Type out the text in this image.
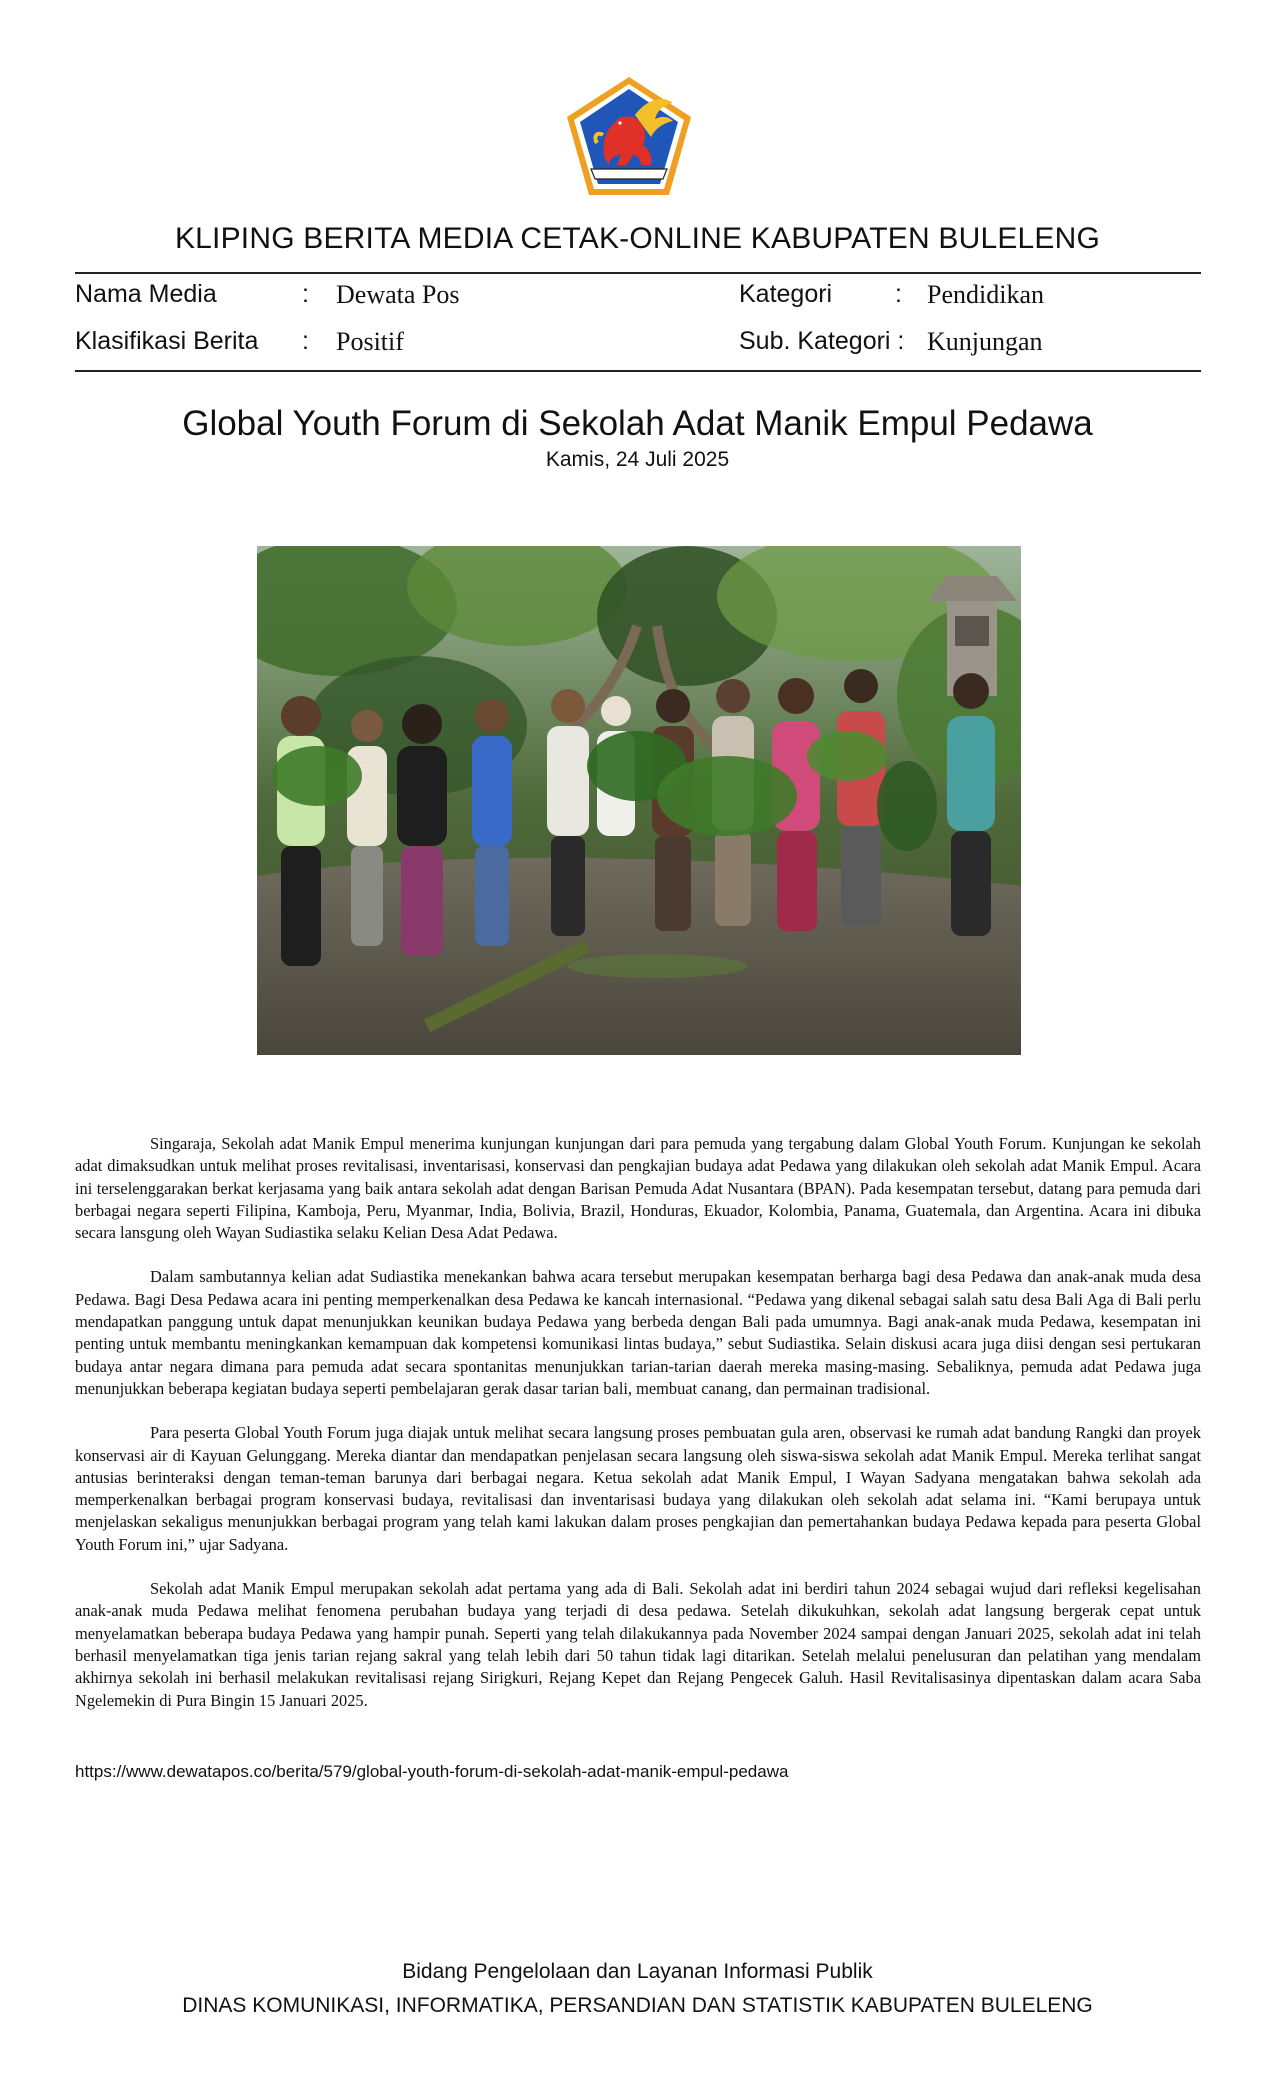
KLIPING BERITA MEDIA CETAK-ONLINE KABUPATEN BULELENG
Nama Media	: Dewata Pos	Kategori	: Pendidikan
Klasifikasi Berita : Positif	Sub. Kategori : Kunjungan
Global Youth Forum di Sekolah Adat Manik Empul Pedawa
Kamis, 24 Juli 2025

Singaraja, Sekolah adat Manik Empul menerima kunjungan kunjungan dari para pemuda yang tergabung dalam Global Youth Forum. Kunjungan ke sekolah adat dimaksudkan untuk melihat proses revitalisasi, inventarisasi, konservasi dan pengkajian budaya adat Pedawa yang dilakukan oleh sekolah adat Manik Empul. Acara ini terselenggarakan berkat kerjasama yang baik antara sekolah adat dengan Barisan Pemuda Adat Nusantara (BPAN). Pada kesempatan tersebut, datang para pemuda dari berbagai negara seperti Filipina, Kamboja, Peru, Myanmar, India, Bolivia, Brazil, Honduras, Ekuador, Kolombia, Panama, Guatemala, dan Argentina. Acara ini dibuka secara lansgung oleh Wayan Sudiastika selaku Kelian Desa Adat Pedawa.

Dalam sambutannya kelian adat Sudiastika menekankan bahwa acara tersebut merupakan kesempatan berharga bagi desa Pedawa dan anak-anak muda desa Pedawa. Bagi Desa Pedawa acara ini penting memperkenalkan desa Pedawa ke kancah internasional. “Pedawa yang dikenal sebagai salah satu desa Bali Aga di Bali perlu mendapatkan panggung untuk dapat menunjukkan keunikan budaya Pedawa yang berbeda dengan Bali pada umumnya. Bagi anak-anak muda Pedawa, kesempatan ini penting untuk membantu meningkankan kemampuan dak kompetensi komunikasi lintas budaya,” sebut Sudiastika. Selain diskusi acara juga diisi dengan sesi pertukaran budaya antar negara dimana para pemuda adat secara spontanitas menunjukkan tarian-tarian daerah mereka masing-masing. Sebaliknya, pemuda adat Pedawa juga menunjukkan beberapa kegiatan budaya seperti pembelajaran gerak dasar tarian bali, membuat canang, dan permainan tradisional.

Para peserta Global Youth Forum juga diajak untuk melihat secara langsung proses pembuatan gula aren, observasi ke rumah adat bandung Rangki dan proyek konservasi air di Kayuan Gelunggang. Mereka diantar dan mendapatkan penjelasan secara langsung oleh siswa-siswa sekolah adat Manik Empul. Mereka terlihat sangat antusias berinteraksi dengan teman-teman barunya dari berbagai negara. Ketua sekolah adat Manik Empul, I Wayan Sadyana mengatakan bahwa sekolah ada memperkenalkan berbagai program konservasi budaya, revitalisasi dan inventarisasi budaya yang dilakukan oleh sekolah adat selama ini. “Kami berupaya untuk menjelaskan sekaligus menunjukkan berbagai program yang telah kami lakukan dalam proses pengkajian dan pemertahankan budaya Pedawa kepada para peserta Global Youth Forum ini,” ujar Sadyana.

Sekolah adat Manik Empul merupakan sekolah adat pertama yang ada di Bali. Sekolah adat ini berdiri tahun 2024 sebagai wujud dari refleksi kegelisahan anak-anak muda Pedawa melihat fenomena perubahan budaya yang terjadi di desa pedawa. Setelah dikukuhkan, sekolah adat langsung bergerak cepat untuk menyelamatkan beberapa budaya Pedawa yang hampir punah. Seperti yang telah dilakukannya pada November 2024 sampai dengan Januari 2025, sekolah adat ini telah berhasil menyelamatkan tiga jenis tarian rejang sakral yang telah lebih dari 50 tahun tidak lagi ditarikan. Setelah melalui penelusuran dan pelatihan yang mendalam akhirnya sekolah ini berhasil melakukan revitalisasi rejang Sirigkuri, Rejang Kepet dan Rejang Pengecek Galuh. Hasil Revitalisasinya dipentaskan dalam acara Saba Ngelemekin di Pura Bingin 15 Januari 2025.

https://www.dewatapos.co/berita/579/global-youth-forum-di-sekolah-adat-manik-empul-pedawa
Bidang Pengelolaan dan Layanan Informasi Publik
DINAS KOMUNIKASI, INFORMATIKA, PERSANDIAN DAN STATISTIK KABUPATEN BULELENG
